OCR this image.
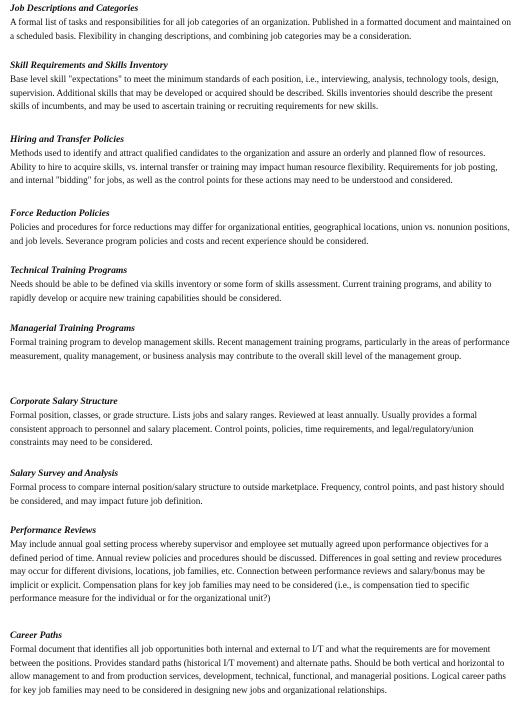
Job Descriptions and Categories

A formal list of tasks and responsibilities for all job categories of an organization. Published in a formatted document and maintained on a scheduled basis. Flexibility in changing descriptions, and combining job categories may be a consideration.

Skill Requirements and Skills Inventory

Base level skill "expectations" to meet the minimum standards of each position, i.e., interviewing, analysis, technology tools, design, supervision. Additional skills that may be developed or acquired should be described. Skills inventories should describe the present skills of incumbents, and may be used to ascertain training or recruiting requirements for new skills.

Hiring and Transfer Policies

Methods used to identify and attract qualified candidates to the organization and assure an orderly and planned flow of resources. Ability to hire to acquire skills, vs. internal transfer or training may impact human resource flexibility. Requirements for job posting, and internal "bidding" for jobs, as well as the control points for these actions may need to be understood and considered.

Force Reduction Policies

Policies and procedures for force reductions may differ for organizational entities, geographical locations, union vs. nonunion positions, and job levels. Severance program policies and costs and recent experience should be considered.

Technical Training Programs

Needs should be able to be defined via skills inventory or some form of skills assessment. Current training programs, and ability to rapidly develop or acquire new training capabilities should be considered.

Managerial Training Programs

Formal training program to develop management skills. Recent management training programs, particularly in the areas of performance measurement, quality management, or business analysis may contribute to the overall skill level of the management group.

Corporate Salary Structure

Formal position, classes, or grade structure. Lists jobs and salary ranges. Reviewed at least annually. Usually provides a formal consistent approach to personnel and salary placement. Control points, policies, time requirements, and legal/regulatory/union constraints may need to be considered.

Salary Survey and Analysis

Formal process to compare internal position/salary structure to outside marketplace. Frequency, control points, and past history should be considered, and may impact future job definition.

Performance Reviews

May include annual goal setting process whereby supervisor and employee set mutually agreed upon performance objectives for a defined period of time. Annual review policies and procedures should be discussed. Differences in goal setting and review procedures may occur for different divisions, locations, job families, etc. Connection between performance reviews and salary/bonus may be implicit or explicit. Compensation plans for key job families may need to be considered (i.e., is compensation tied to specific performance measure for the individual or for the organizational unit?)

Career Paths

Formal document that identifies all job opportunities both internal and external to I/T and what the requirements are for movement between the positions. Provides standard paths (historical I/T movement) and alternate paths. Should be both vertical and horizontal to allow management to and from production services, development, technical, functional, and managerial positions. Logical career paths for key job families may need to be considered in designing new jobs and organizational relationships.
